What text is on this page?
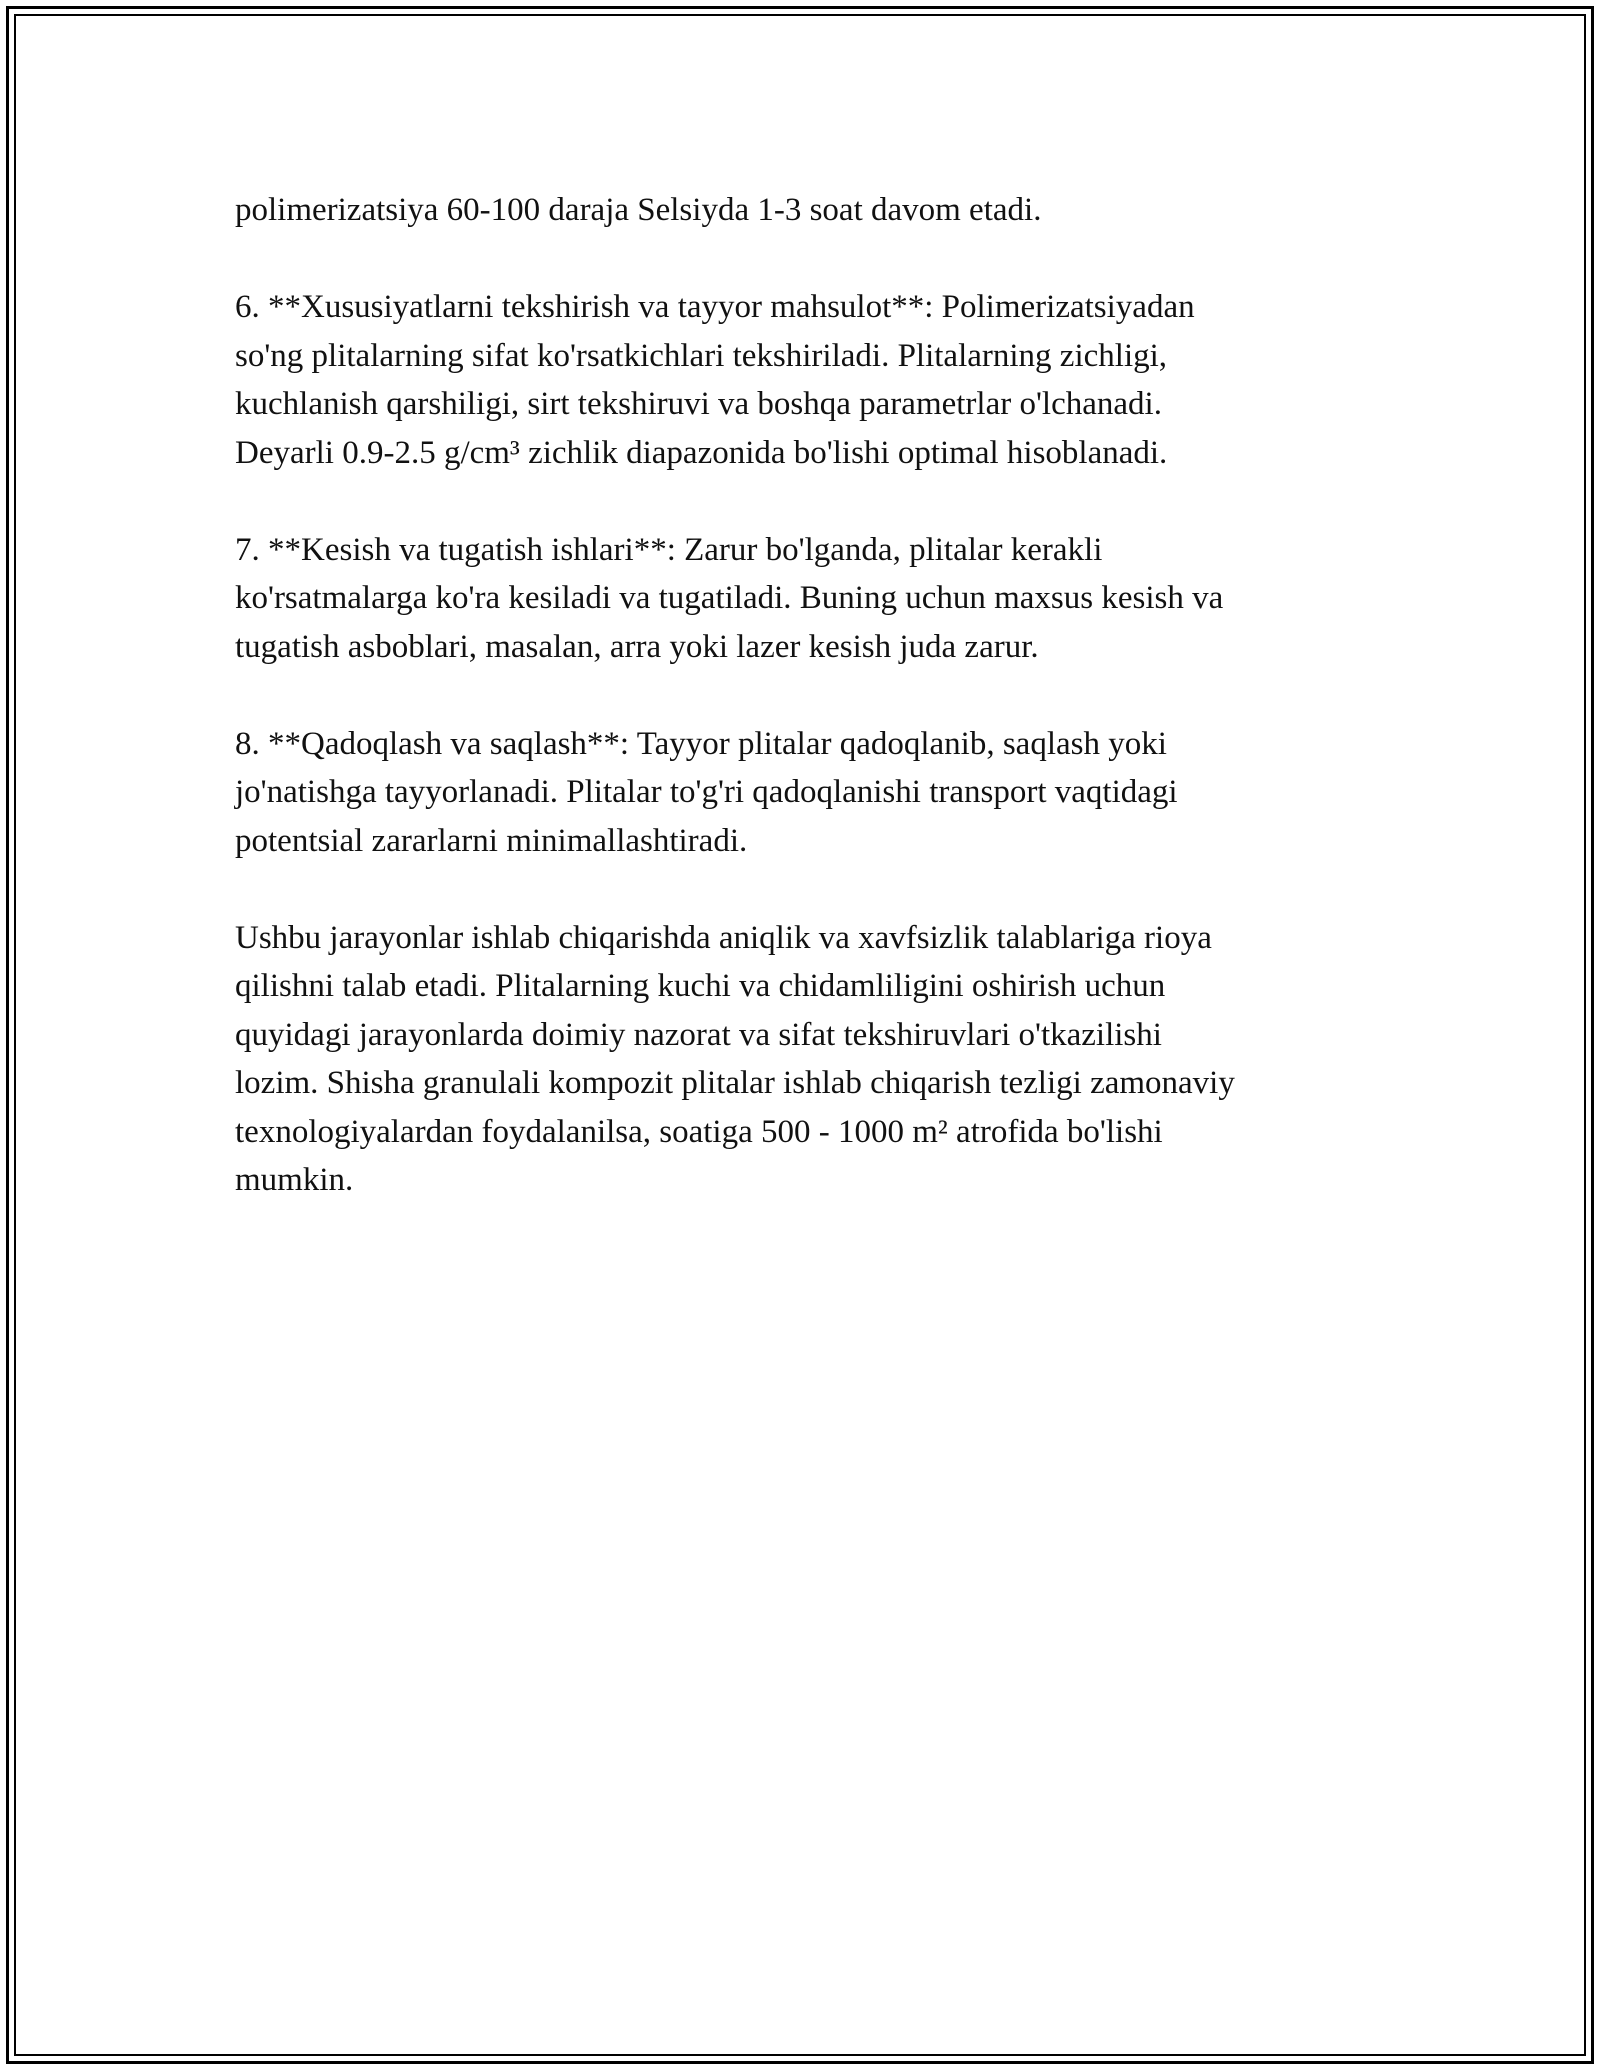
polimerizatsiya 60-100 daraja Selsiyda 1-3 soat davom etadi.

6. **Xususiyatlarni tekshirish va tayyor mahsulot**: Polimerizatsiyadan
so'ng plitalarning sifat ko'rsatkichlari tekshiriladi. Plitalarning zichligi,
kuchlanish qarshiligi, sirt tekshiruvi va boshqa parametrlar o'lchanadi.
Deyarli 0.9-2.5 g/cm³ zichlik diapazonida bo'lishi optimal hisoblanadi.

7. **Kesish va tugatish ishlari**: Zarur bo'lganda, plitalar kerakli
ko'rsatmalarga ko'ra kesiladi va tugatiladi. Buning uchun maxsus kesish va
tugatish asboblari, masalan, arra yoki lazer kesish juda zarur.

8. **Qadoqlash va saqlash**: Tayyor plitalar qadoqlanib, saqlash yoki
jo'natishga tayyorlanadi. Plitalar to'g'ri qadoqlanishi transport vaqtidagi
potentsial zararlarni minimallashtiradi.

Ushbu jarayonlar ishlab chiqarishda aniqlik va xavfsizlik talablariga rioya
qilishni talab etadi. Plitalarning kuchi va chidamliligini oshirish uchun
quyidagi jarayonlarda doimiy nazorat va sifat tekshiruvlari o'tkazilishi
lozim. Shisha granulali kompozit plitalar ishlab chiqarish tezligi zamonaviy
texnologiyalardan foydalanilsa, soatiga 500 - 1000 m² atrofida bo'lishi
mumkin.
